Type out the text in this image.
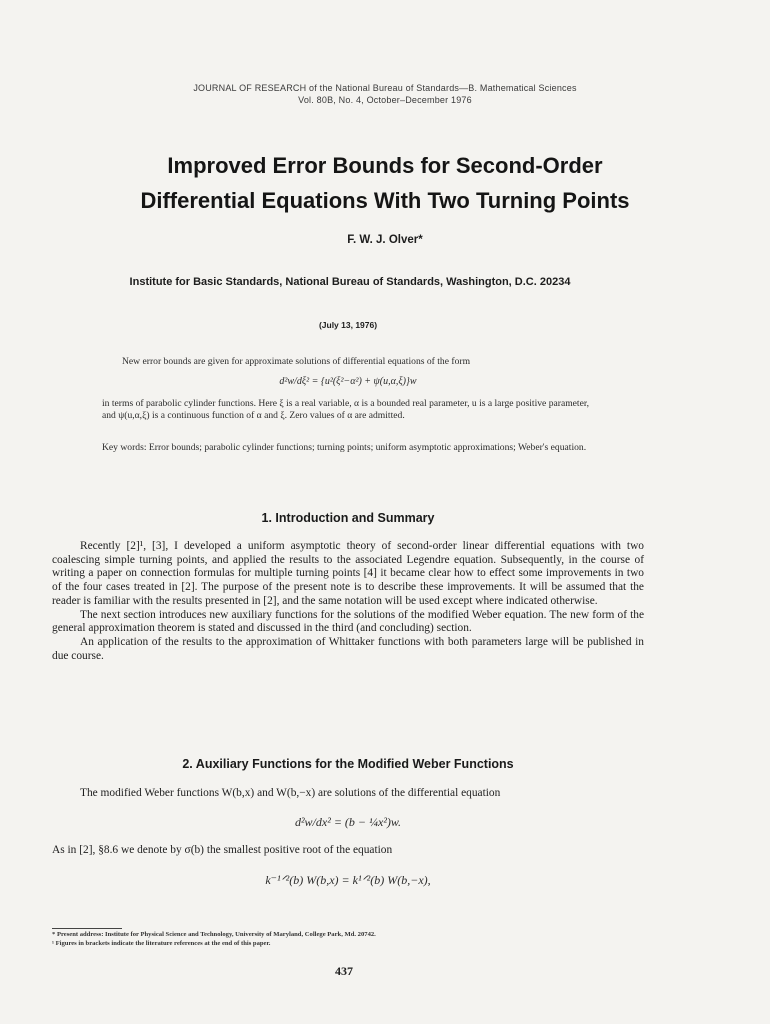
JOURNAL OF RESEARCH of the National Bureau of Standards—B. Mathematical Sciences
Vol. 80B, No. 4, October–December 1976
Improved Error Bounds for Second-Order
Differential Equations With Two Turning Points
F. W. J. Olver*
Institute for Basic Standards, National Bureau of Standards, Washington, D.C. 20234
(July 13, 1976)
New error bounds are given for approximate solutions of differential equations of the form
d²w/dξ² = {u²(ξ²−α²) + ψ(u,α,ξ)}w
in terms of parabolic cylinder functions. Here ξ is a real variable, α is a bounded real parameter, u is a large positive parameter, and ψ(u,α,ξ) is a continuous function of α and ξ. Zero values of α are admitted.
Key words: Error bounds; parabolic cylinder functions; turning points; uniform asymptotic approximations; Weber's equation.
1. Introduction and Summary

Recently [2]¹, [3], I developed a uniform asymptotic theory of second-order linear differential equations with two coalescing simple turning points, and applied the results to the associated Legendre equation. Subsequently, in the course of writing a paper on connection formulas for multiple turning points [4] it became clear how to effect some improvements in two of the four cases treated in [2]. The purpose of the present note is to describe these improvements. It will be assumed that the reader is familiar with the results presented in [2], and the same notation will be used except where indicated otherwise.

The next section introduces new auxiliary functions for the solutions of the modified Weber equation. The new form of the general approximation theorem is stated and discussed in the third (and concluding) section.

An application of the results to the approximation of Whittaker functions with both parameters large will be published in due course.

2. Auxiliary Functions for the Modified Weber Functions

The modified Weber functions W(b,x) and W(b,−x) are solutions of the differential equation

d²w/dx² = (b − ¼x²)w.

As in [2], §8.6 we denote by σ(b) the smallest positive root of the equation

k⁻¹ᐟ²(b) W(b,x) = k¹ᐟ²(b) W(b,−x),
* Present address: Institute for Physical Science and Technology, University of Maryland, College Park, Md. 20742.
¹ Figures in brackets indicate the literature references at the end of this paper.
437
